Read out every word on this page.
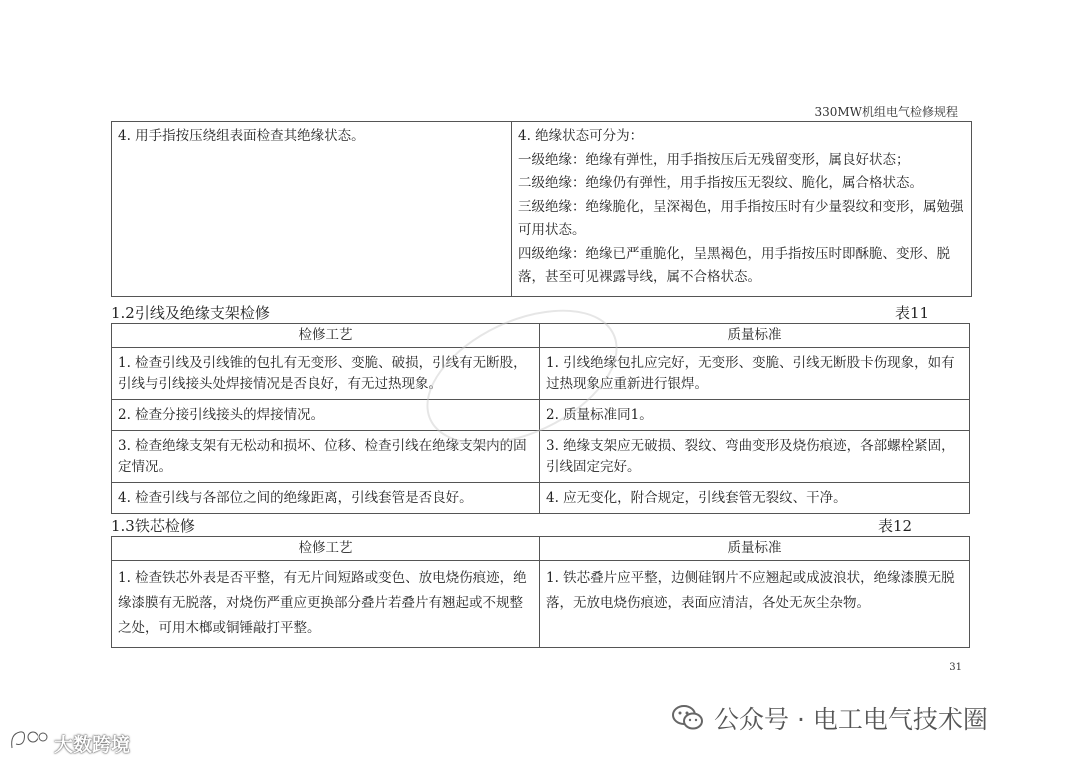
330MW机组电气检修规程
4. 用手指按压绕组表面检查其绝缘状态。	4. 绝缘状态可分为：
一级绝缘：绝缘有弹性，用手指按压后无残留变形，属良好状态；
二级绝缘：绝缘仍有弹性，用手指按压无裂纹、脆化，属合格状态。
三级绝缘：绝缘脆化，呈深褐色，用手指按压时有少量裂纹和变形，属勉强可用状态。
四级绝缘：绝缘已严重脆化，呈黑褐色，用手指按压时即酥脆、变形、脱落，甚至可见裸露导线，属不合格状态。
1.2引线及绝缘支架检修	表11
检修工艺	质量标准
1. 检查引线及引线锥的包扎有无变形、变脆、破损，引线有无断股，引线与引线接头处焊接情况是否良好，有无过热现象。	1. 引线绝缘包扎应完好，无变形、变脆、引线无断股卡伤现象，如有过热现象应重新进行银焊。
2. 检查分接引线接头的焊接情况。	2. 质量标准同1。
3. 检查绝缘支架有无松动和损坏、位移、检查引线在绝缘支架内的固定情况。	3. 绝缘支架应无破损、裂纹、弯曲变形及烧伤痕迹，各部螺栓紧固，引线固定完好。
4. 检查引线与各部位之间的绝缘距离，引线套管是否良好。	4. 应无变化，附合规定，引线套管无裂纹、干净。
1.3铁芯检修	表12
检修工艺	质量标准
1. 检查铁芯外表是否平整，有无片间短路或变色、放电烧伤痕迹，绝缘漆膜有无脱落，对烧伤严重应更换部分叠片若叠片有翘起或不规整之处，可用木榔或铜锤敲打平整。	1. 铁芯叠片应平整，边侧硅钢片不应翘起或成波浪状，绝缘漆膜无脱落，无放电烧伤痕迹，表面应清洁，各处无灰尘杂物。
31
公众号 · 电工电气技术圈
大数跨境
